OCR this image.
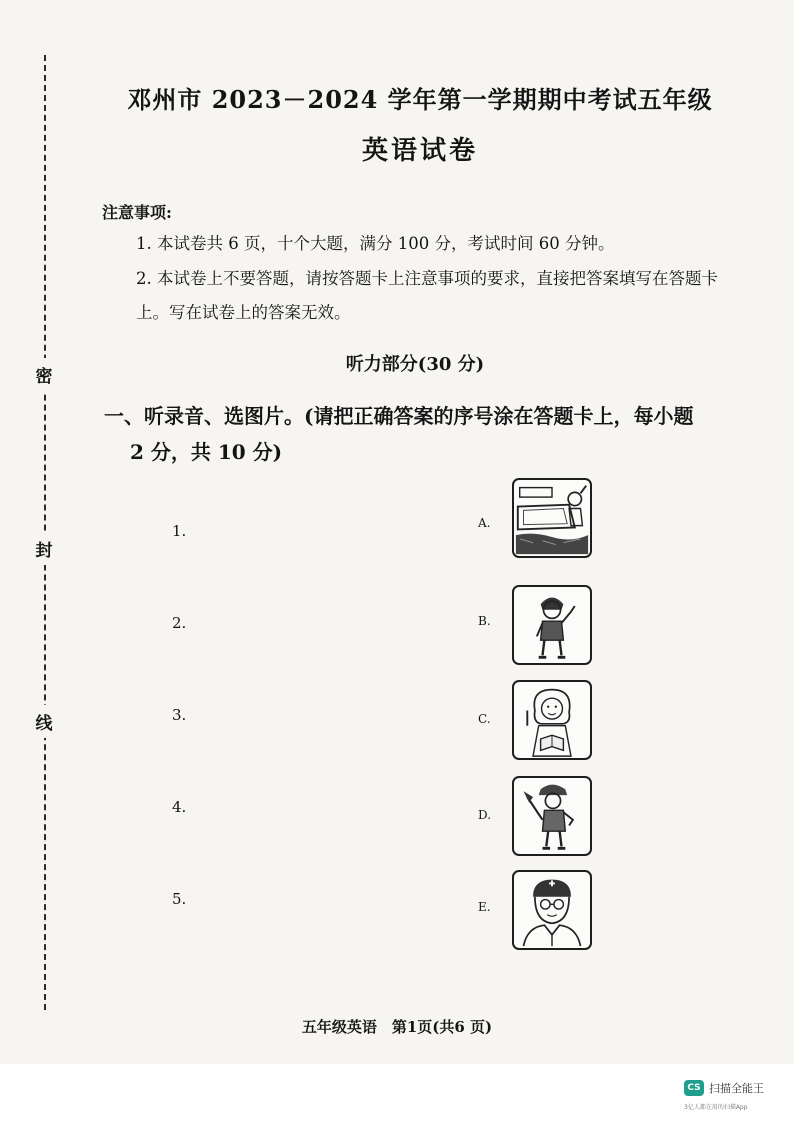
密
封
线
邓州市 2023－2024 学年第一学期期中考试五年级
英语试卷
注意事项:
1. 本试卷共 6 页，十个大题，满分 100 分，考试时间 60 分钟。
2. 本试卷上不要答题，请按答题卡上注意事项的要求，直接把答案填写在答题卡上。写在试卷上的答案无效。
听力部分(30 分)
一、听录音、选图片。(请把正确答案的序号涂在答题卡上，每小题
2 分，共 10 分)
1.
2.
3.
4.
5.
A.
B.
C.
D.
E.
五年级英语　第1页(共6 页)
CS 扫描全能王
3亿人都在用的扫描App
